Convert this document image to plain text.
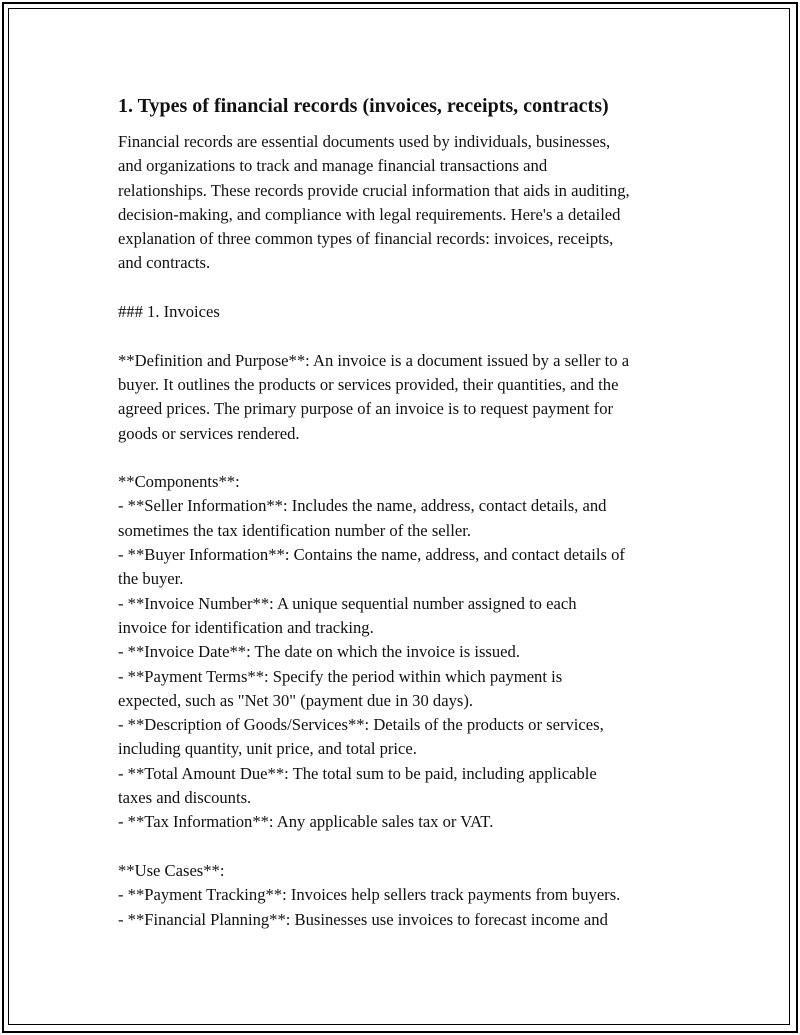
1. Types of financial records (invoices, receipts, contracts)

Financial records are essential documents used by individuals, businesses,

and organizations to track and manage financial transactions and

relationships. These records provide crucial information that aids in auditing,

decision-making, and compliance with legal requirements. Here's a detailed

explanation of three common types of financial records: invoices, receipts,

and contracts.

### 1. Invoices

**Definition and Purpose**: An invoice is a document issued by a seller to a

buyer. It outlines the products or services provided, their quantities, and the

agreed prices. The primary purpose of an invoice is to request payment for

goods or services rendered.

**Components**:

- **Seller Information**: Includes the name, address, contact details, and

sometimes the tax identification number of the seller.

- **Buyer Information**: Contains the name, address, and contact details of

the buyer.

- **Invoice Number**: A unique sequential number assigned to each

invoice for identification and tracking.

- **Invoice Date**: The date on which the invoice is issued.

- **Payment Terms**: Specify the period within which payment is

expected, such as "Net 30" (payment due in 30 days).

- **Description of Goods/Services**: Details of the products or services,

including quantity, unit price, and total price.

- **Total Amount Due**: The total sum to be paid, including applicable

taxes and discounts.

- **Tax Information**: Any applicable sales tax or VAT.

**Use Cases**:

- **Payment Tracking**: Invoices help sellers track payments from buyers.

- **Financial Planning**: Businesses use invoices to forecast income and
